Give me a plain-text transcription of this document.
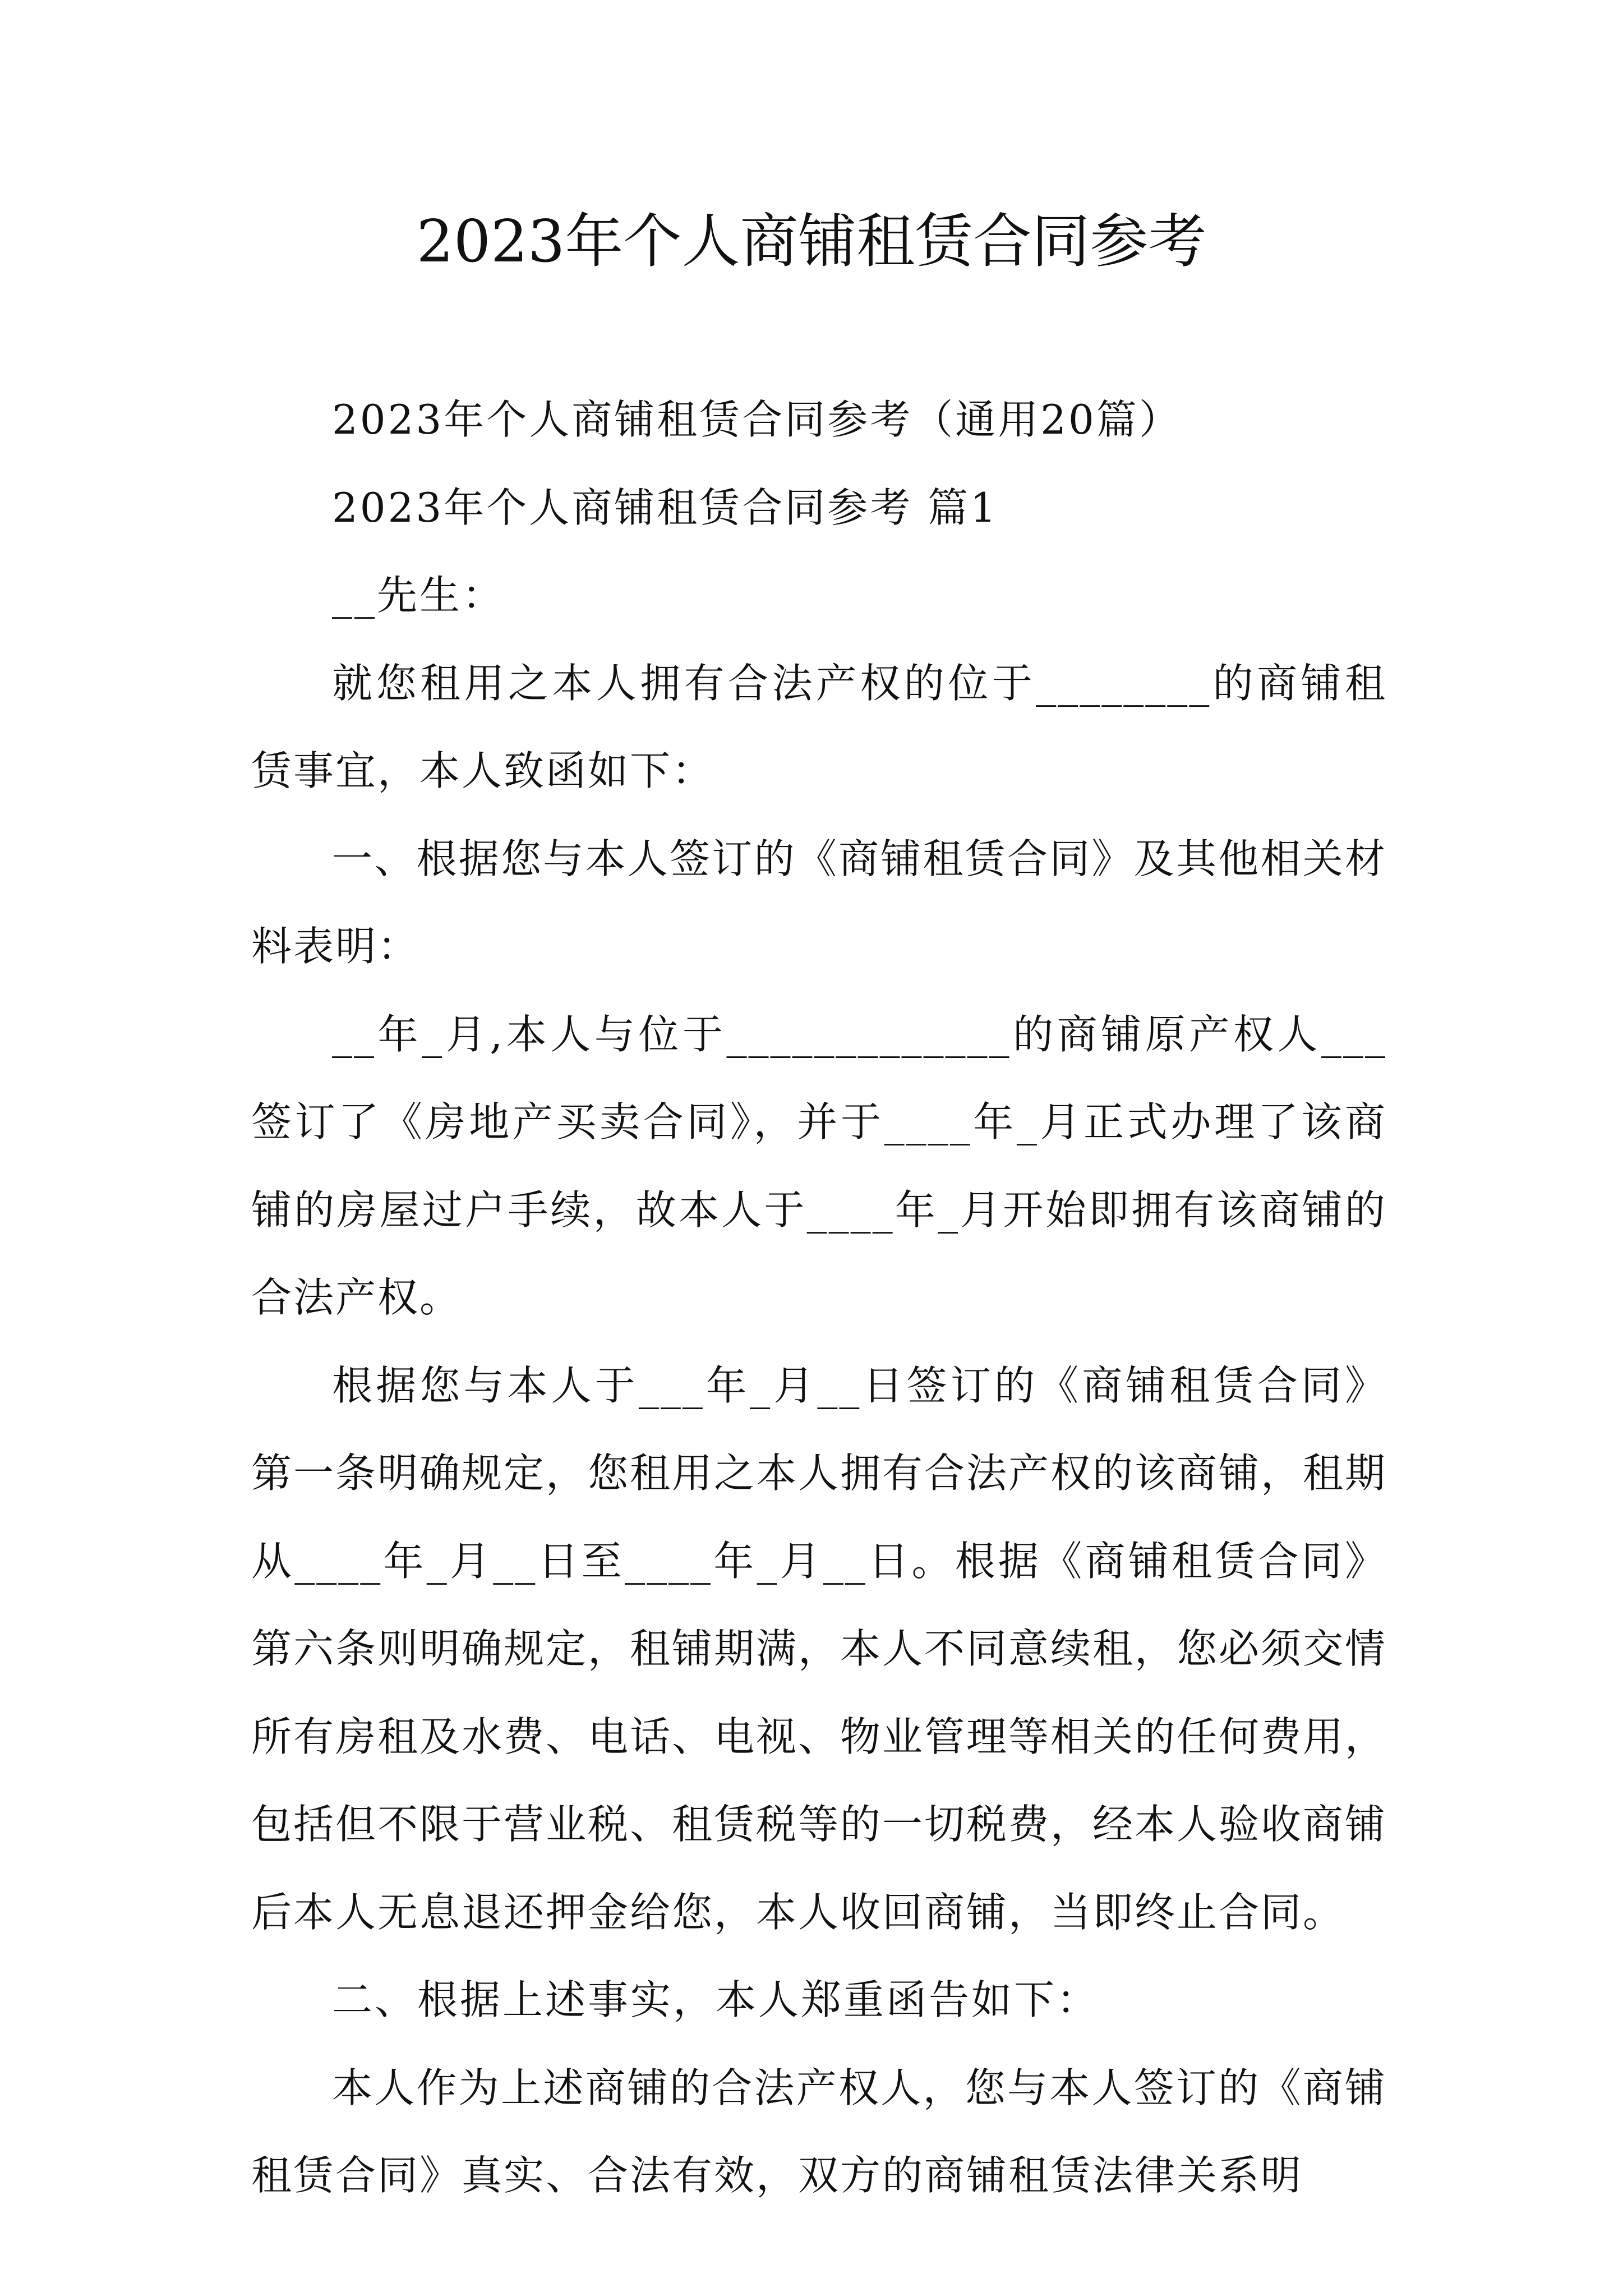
2023年个人商铺租赁合同参考

2023年个人商铺租赁合同参考（通用20篇）

2023年个人商铺租赁合同参考 篇1

__先生：

就您租用之本人拥有合法产权的位于________的商铺租赁事宜，本人致函如下：

一、根据您与本人签订的《商铺租赁合同》及其他相关材料表明：

__年_月,本人与位于_____________的商铺原产权人___签订了《房地产买卖合同》，并于____年_月正式办理了该商铺的房屋过户手续，故本人于____年_月开始即拥有该商铺的合法产权。

根据您与本人于___年_月__日签订的《商铺租赁合同》第一条明确规定，您租用之本人拥有合法产权的该商铺，租期从____年_月__日至____年_月__日。根据《商铺租赁合同》第六条则明确规定，租铺期满，本人不同意续租，您必须交情所有房租及水费、电话、电视、物业管理等相关的任何费用，包括但不限于营业税、租赁税等的一切税费，经本人验收商铺后本人无息退还押金给您，本人收回商铺，当即终止合同。

二、根据上述事实，本人郑重函告如下：

本人作为上述商铺的合法产权人，您与本人签订的《商铺租赁合同》真实、合法有效，双方的商铺租赁法律关系明
